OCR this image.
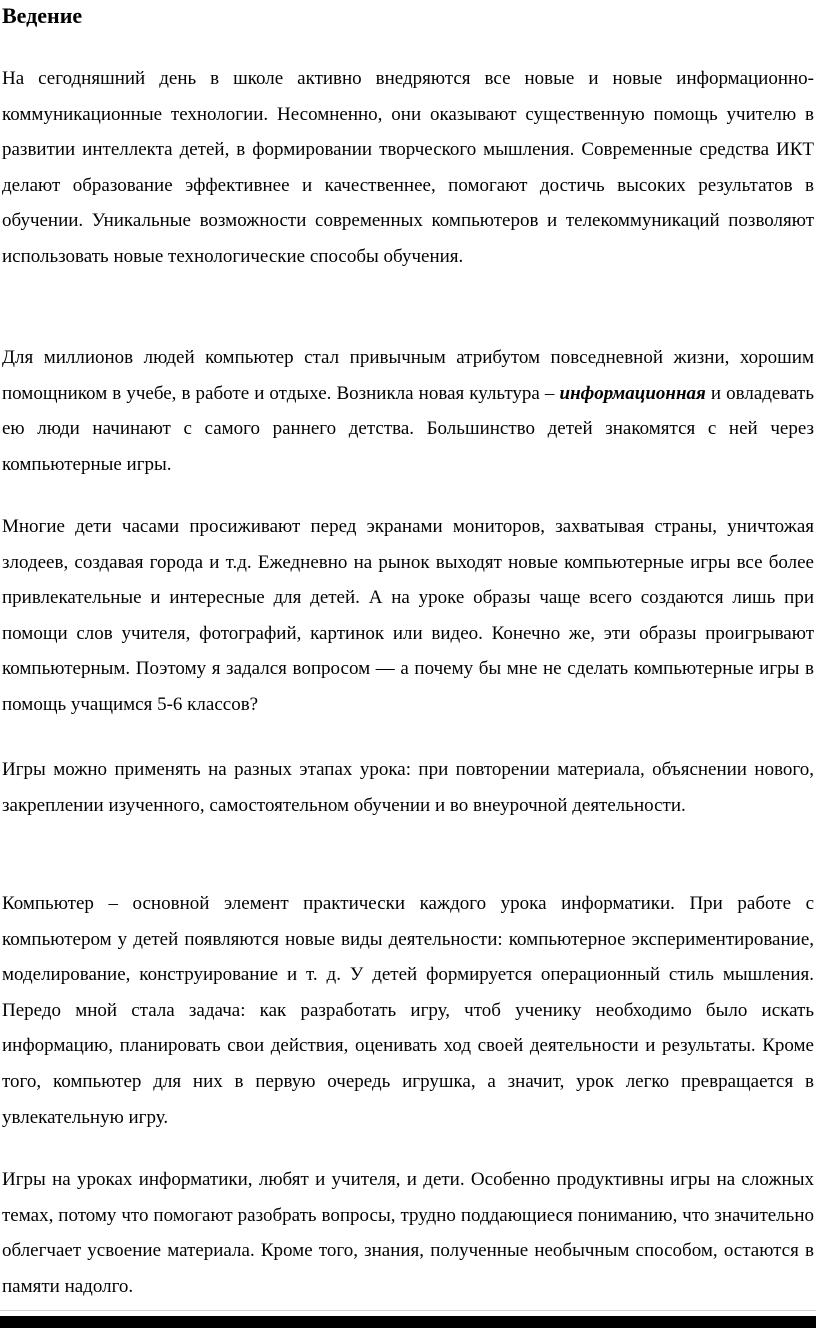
Ведение

На сегодняшний день в школе активно внедряются все новые и новые информационно-коммуникационные технологии. Несомненно, они оказывают существенную помощь учителю в развитии интеллекта детей, в формировании творческого мышления. Современные средства ИКТ делают образование эффективнее и качественнее, помогают достичь высоких результатов в обучении. Уникальные возможности современных компьютеров и телекоммуникаций позволяют использовать новые технологические способы обучения.

Для миллионов людей компьютер стал привычным атрибутом повседневной жизни, хорошим помощником в учебе, в работе и отдыхе. Возникла новая культура – информационная и овладевать ею люди начинают с самого раннего детства. Большинство детей знакомятся с ней через компьютерные игры.

Многие дети часами просиживают перед экранами мониторов, захватывая страны, уничтожая злодеев, создавая города и т.д. Ежедневно на рынок выходят новые компьютерные игры все более привлекательные и интересные для детей. А на уроке образы чаще всего создаются лишь при помощи слов учителя, фотографий, картинок или видео. Конечно же, эти образы проигрывают компьютерным. Поэтому я задался вопросом — а почему бы мне не сделать компьютерные игры в помощь учащимся 5-6 классов?

Игры можно применять на разных этапах урока: при повторении материала, объяснении нового, закреплении изученного, самостоятельном обучении и во внеурочной деятельности.

Компьютер – основной элемент практически каждого урока информатики. При работе с компьютером у детей появляются новые виды деятельности: компьютерное экспериментирование, моделирование, конструирование и т. д. У детей формируется операционный стиль мышления. Передо мной стала задача: как разработать игру, чтоб ученику необходимо было искать информацию, планировать свои действия, оценивать ход своей деятельности и результаты. Кроме того, компьютер для них в первую очередь игрушка, а значит, урок легко превращается в увлекательную игру.

Игры на уроках информатики, любят и учителя, и дети. Особенно продуктивны игры на сложных темах, потому что помогают разобрать вопросы, трудно поддающиеся пониманию, что значительно облегчает усвоение материала. Кроме того, знания, полученные необычным способом, остаются в памяти надолго.
